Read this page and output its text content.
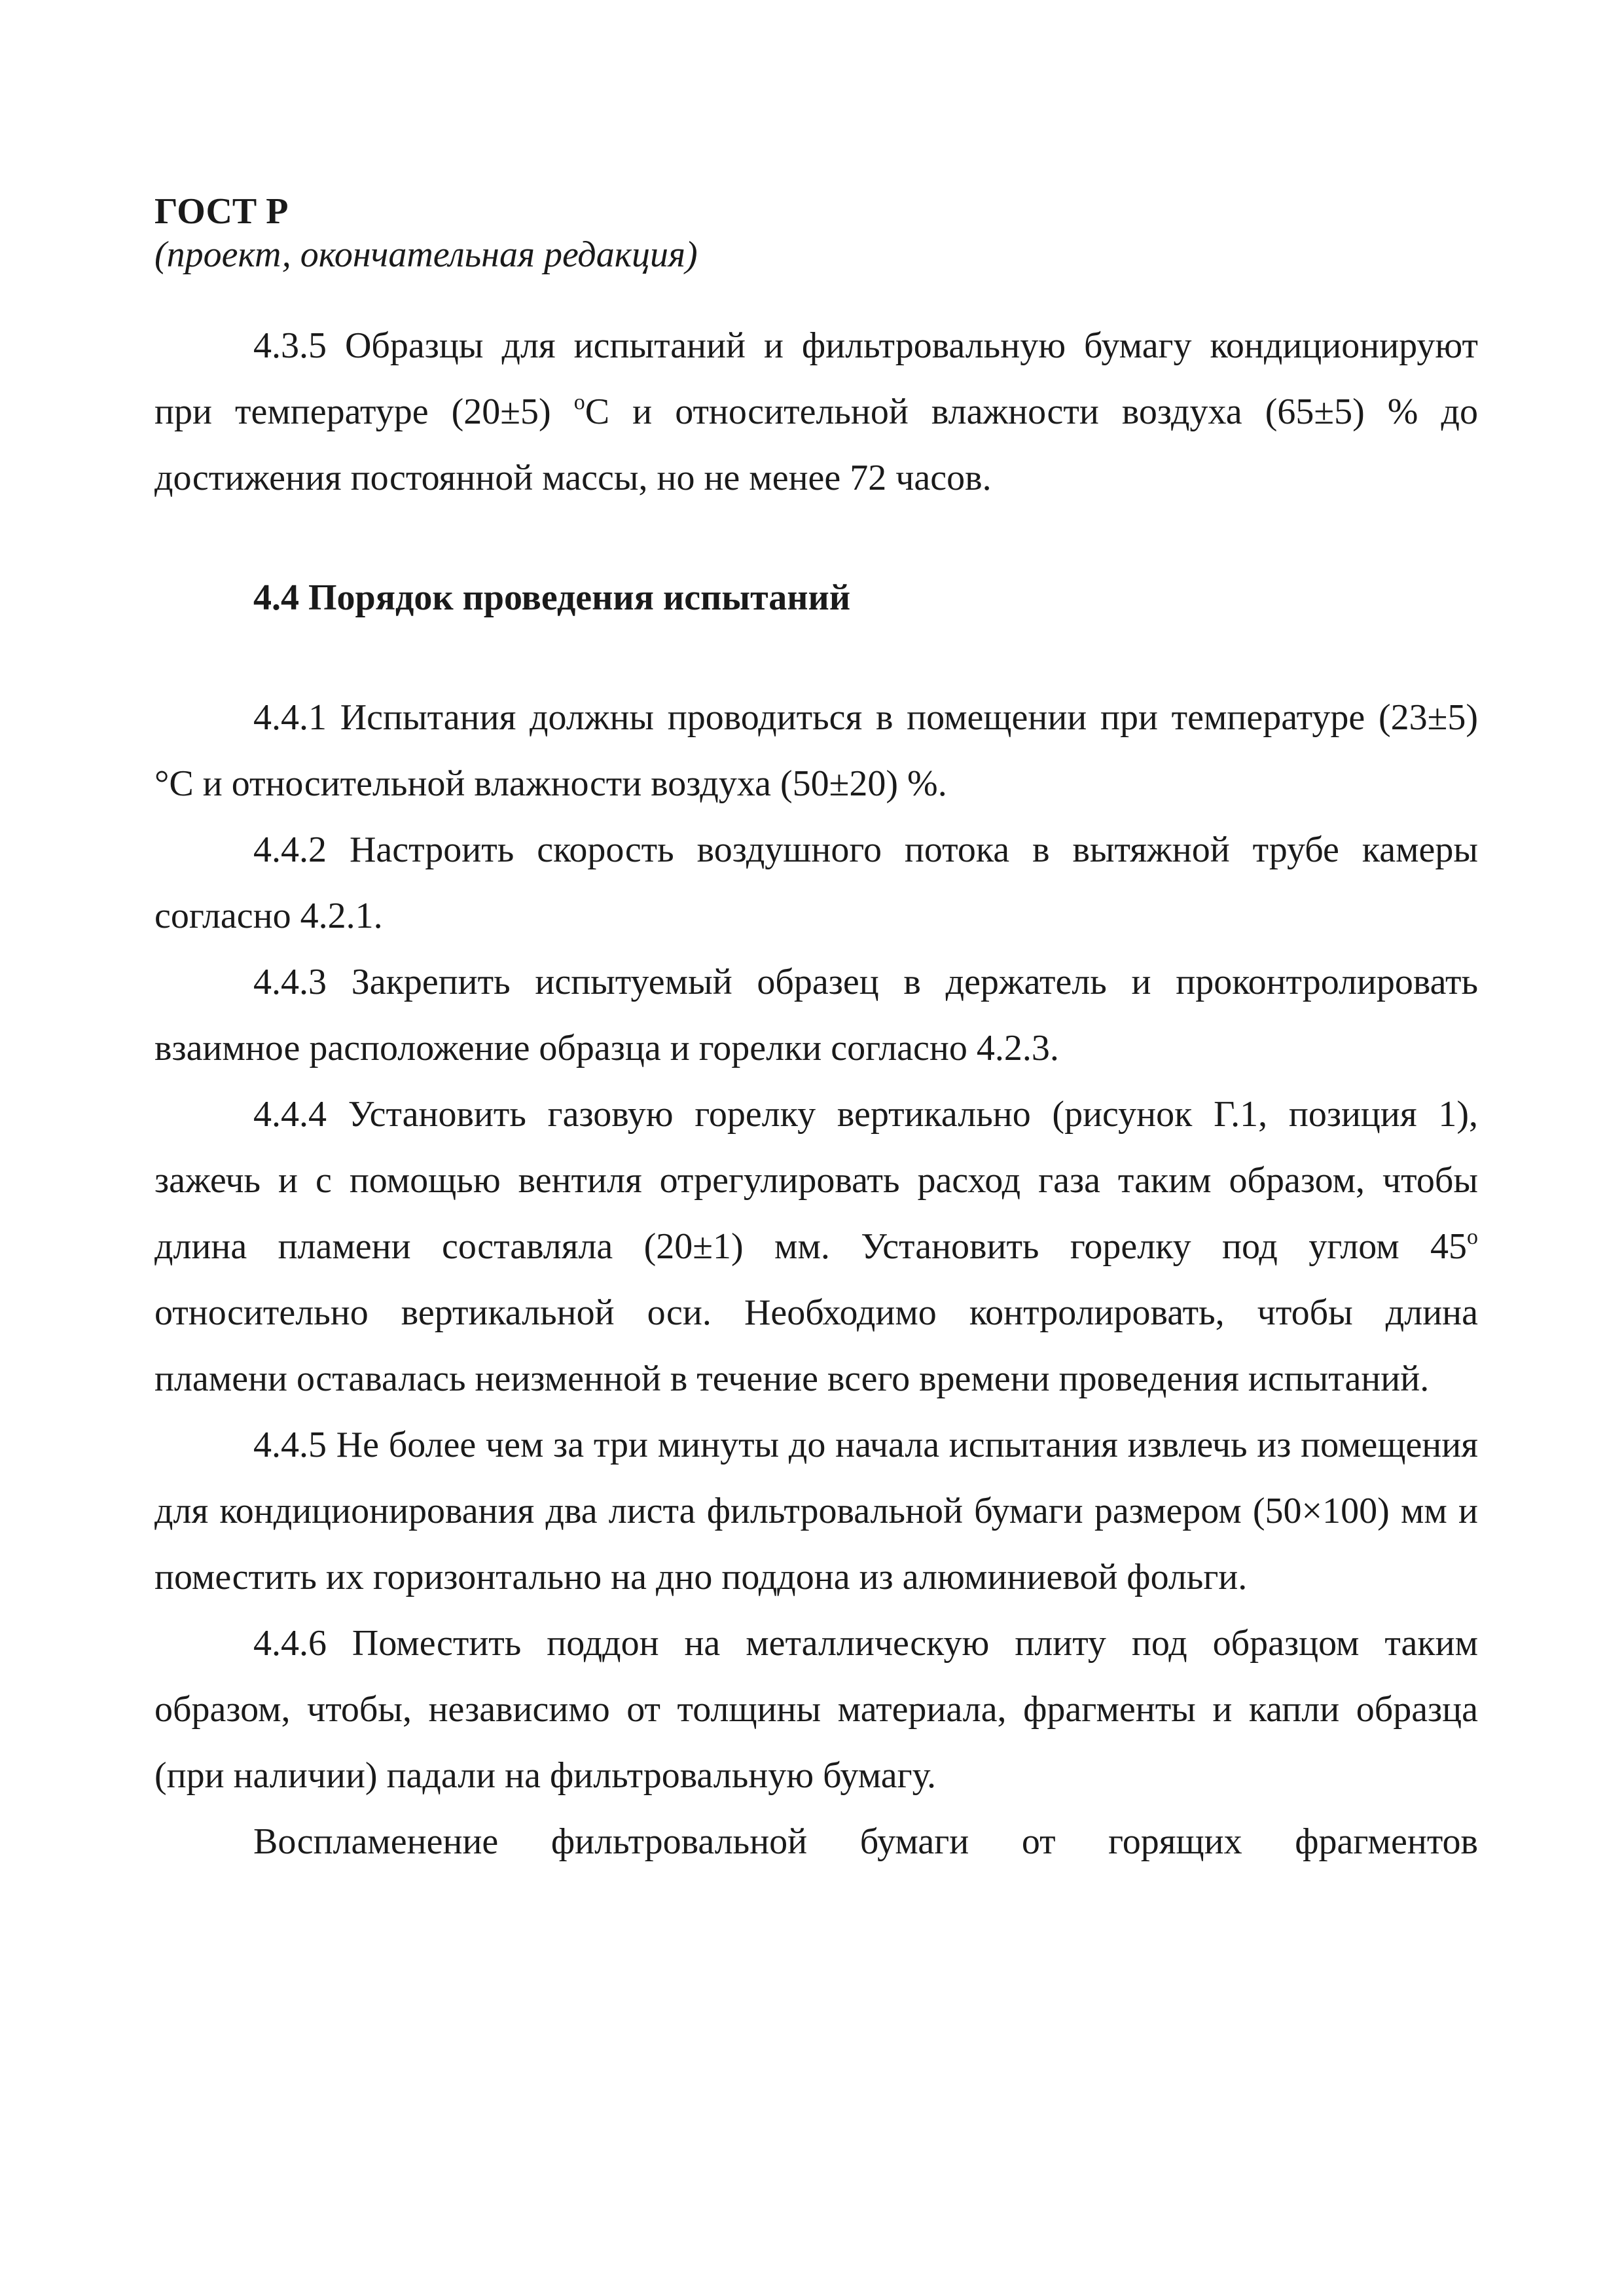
ГОСТ Р

(проект, окончательная редакция)

4.3.5 Образцы для испытаний и фильтровальную бумагу кондиционируют при температуре (20±5) $^о$С и относительной влажности воздуха (65±5) % до достижения постоянной массы, но не менее 72 часов.

4.4 Порядок проведения испытаний

4.4.1 Испытания должны проводиться в помещении при температуре (23±5) °С и относительной влажности воздуха (50±20) %.

4.4.2 Настроить скорость воздушного потока в вытяжной трубе камеры согласно 4.2.1.

4.4.3 Закрепить испытуемый образец в держатель и проконтролировать взаимное расположение образца и горелки согласно 4.2.3.

4.4.4 Установить газовую горелку вертикально (рисунок Г.1, позиция 1), зажечь и с помощью вентиля отрегулировать расход газа таким образом, чтобы длина пламени составляла (20±1) мм. Установить горелку под углом $45^о$ относительно вертикальной оси. Необходимо контролировать, чтобы длина пламени оставалась неизменной в течение всего времени проведения испытаний.

4.4.5 Не более чем за три минуты до начала испытания извлечь из помещения для кондиционирования два листа фильтровальной бумаги размером (50×100) мм и поместить их горизонтально на дно поддона из алюминиевой фольги.

4.4.6 Поместить поддон на металлическую плиту под образцом таким образом, чтобы, независимо от толщины материала, фрагменты и капли образца (при наличии) падали на фильтровальную бумагу.

Воспламенение фильтровальной бумаги от горящих фрагментов
